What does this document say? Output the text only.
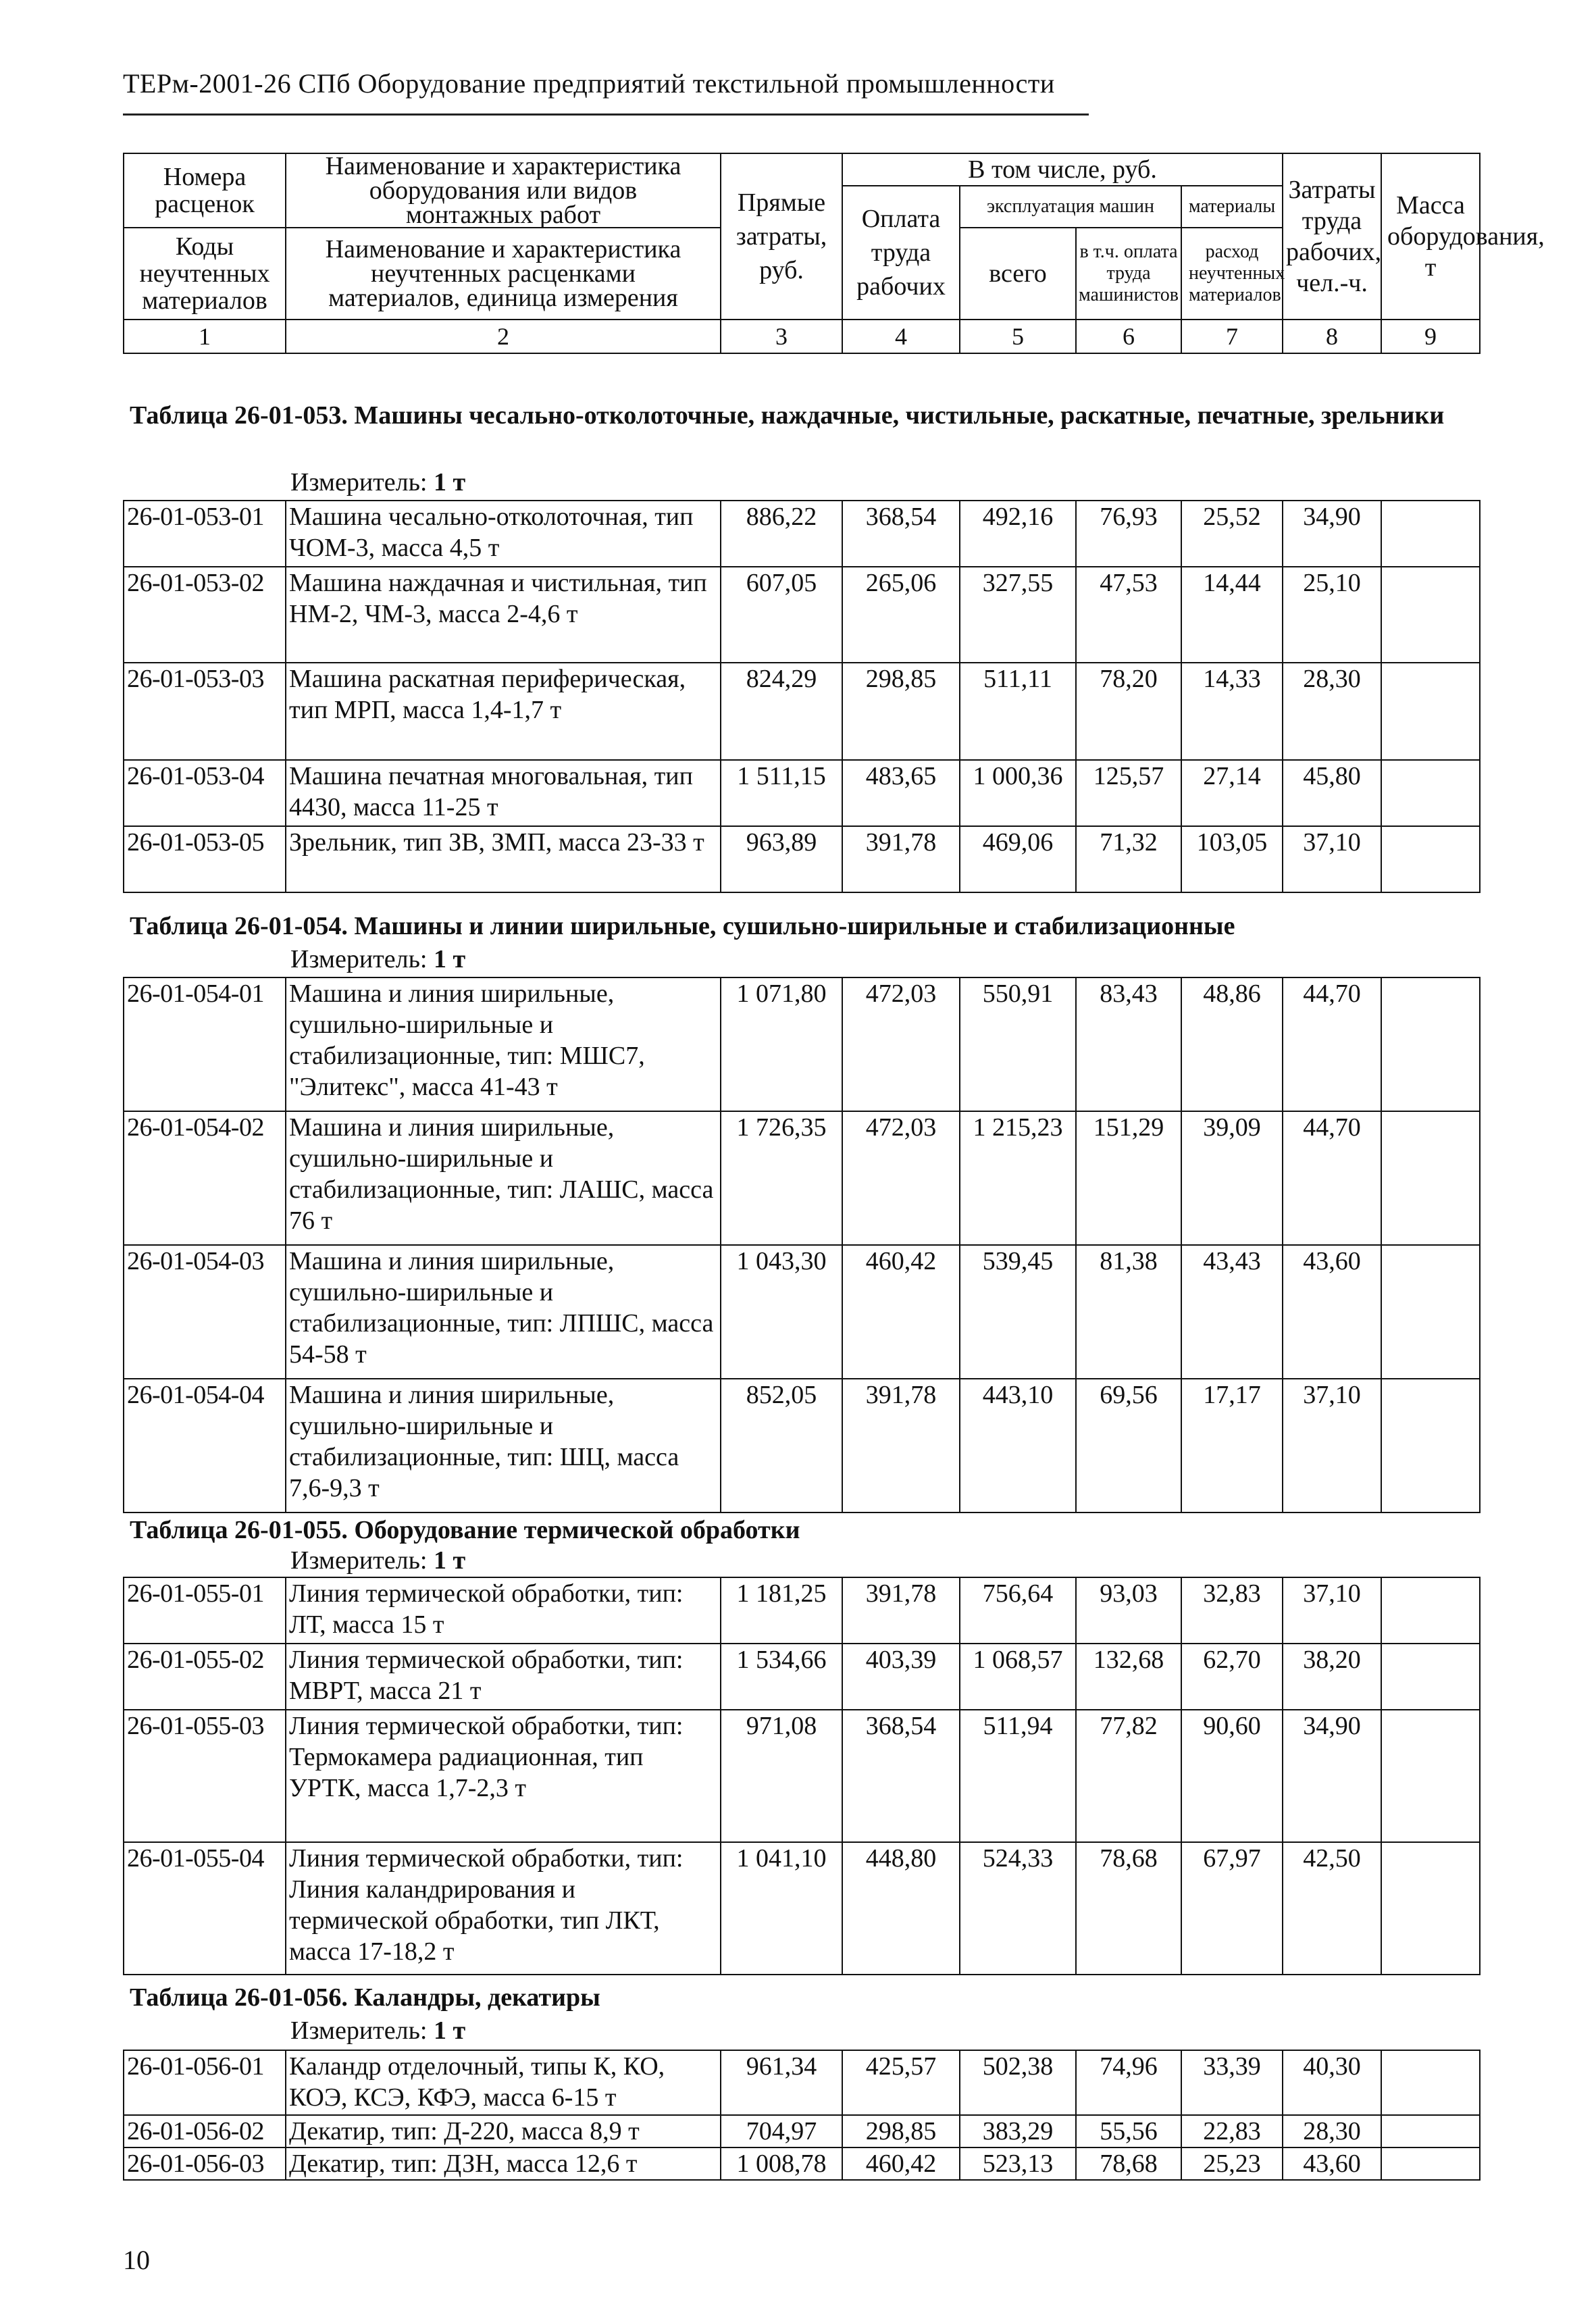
ТЕРм-2001-26 СПб Оборудование предприятий текстильной промышленности
Номера расценок	Наименование и характеристика оборудования или видов монтажных работ	Прямые затраты, руб.	В том числе, руб.				Затраты труда рабочих, чел.-ч.	Масса оборудования, т
			Оплата труда рабочих	эксплуатация машин		материалы		
Коды неучтенных материалов	Наименование и характеристика неучтенных расценками материалов, единица измерения			всего	в т.ч. оплата труда машинистов	расход неучтенных материалов		

1	2	3	4	5	6	7	8	9
Таблица 26-01-053. Машины чесально-отколоточные, наждачные, чистильные, раскатные, печатные, зрельники
Измеритель: 1 т
26-01-053-01	Машина чесально-отколоточная, тип ЧОМ-3, масса 4,5 т	886,22	368,54	492,16	76,93	25,52	34,90	
26-01-053-02	Машина наждачная и чистильная, тип НМ-2, ЧМ-3, масса 2-4,6 т	607,05	265,06	327,55	47,53	14,44	25,10	
26-01-053-03	Машина раскатная периферическая, тип МРП, масса 1,4-1,7 т	824,29	298,85	511,11	78,20	14,33	28,30	
26-01-053-04	Машина печатная многовальная, тип 4430, масса 11-25 т	1 511,15	483,65	1 000,36	125,57	27,14	45,80	
26-01-053-05	Зрельник, тип ЗВ, ЗМП, масса 23-33 т	963,89	391,78	469,06	71,32	103,05	37,10	
Таблица 26-01-054. Машины и линии ширильные, сушильно-ширильные и стабилизационные
Измеритель: 1 т
26-01-054-01	Машина и линия ширильные, сушильно-ширильные и стабилизационные, тип: МШС7, "Элитекс", масса 41-43 т	1 071,80	472,03	550,91	83,43	48,86	44,70	
26-01-054-02	Машина и линия ширильные, сушильно-ширильные и стабилизационные, тип: ЛАШС, масса 76 т	1 726,35	472,03	1 215,23	151,29	39,09	44,70	
26-01-054-03	Машина и линия ширильные, сушильно-ширильные и стабилизационные, тип: ЛПШС, масса 54-58 т	1 043,30	460,42	539,45	81,38	43,43	43,60	
26-01-054-04	Машина и линия ширильные, сушильно-ширильные и стабилизационные, тип: ШЦ, масса 7,6-9,3 т	852,05	391,78	443,10	69,56	17,17	37,10	
Таблица 26-01-055. Оборудование термической обработки
Измеритель: 1 т
26-01-055-01	Линия термической обработки, тип: ЛТ, масса 15 т	1 181,25	391,78	756,64	93,03	32,83	37,10	
26-01-055-02	Линия термической обработки, тип: МВРТ, масса 21 т	1 534,66	403,39	1 068,57	132,68	62,70	38,20	
26-01-055-03	Линия термической обработки, тип: Термокамера радиационная, тип УРТК, масса 1,7-2,3 т	971,08	368,54	511,94	77,82	90,60	34,90	
26-01-055-04	Линия термической обработки, тип: Линия каландрирования и термической обработки, тип ЛКТ, масса 17-18,2 т	1 041,10	448,80	524,33	78,68	67,97	42,50	
Таблица 26-01-056. Каландры, декатиры
Измеритель: 1 т
26-01-056-01	Каландр отделочный, типы К, КО, КОЭ, КСЭ, КФЭ, масса 6-15 т	961,34	425,57	502,38	74,96	33,39	40,30	
26-01-056-02	Декатир, тип: Д-220, масса 8,9 т	704,97	298,85	383,29	55,56	22,83	28,30	
26-01-056-03	Декатир, тип: ДЗН, масса 12,6 т	1 008,78	460,42	523,13	78,68	25,23	43,60	
10
